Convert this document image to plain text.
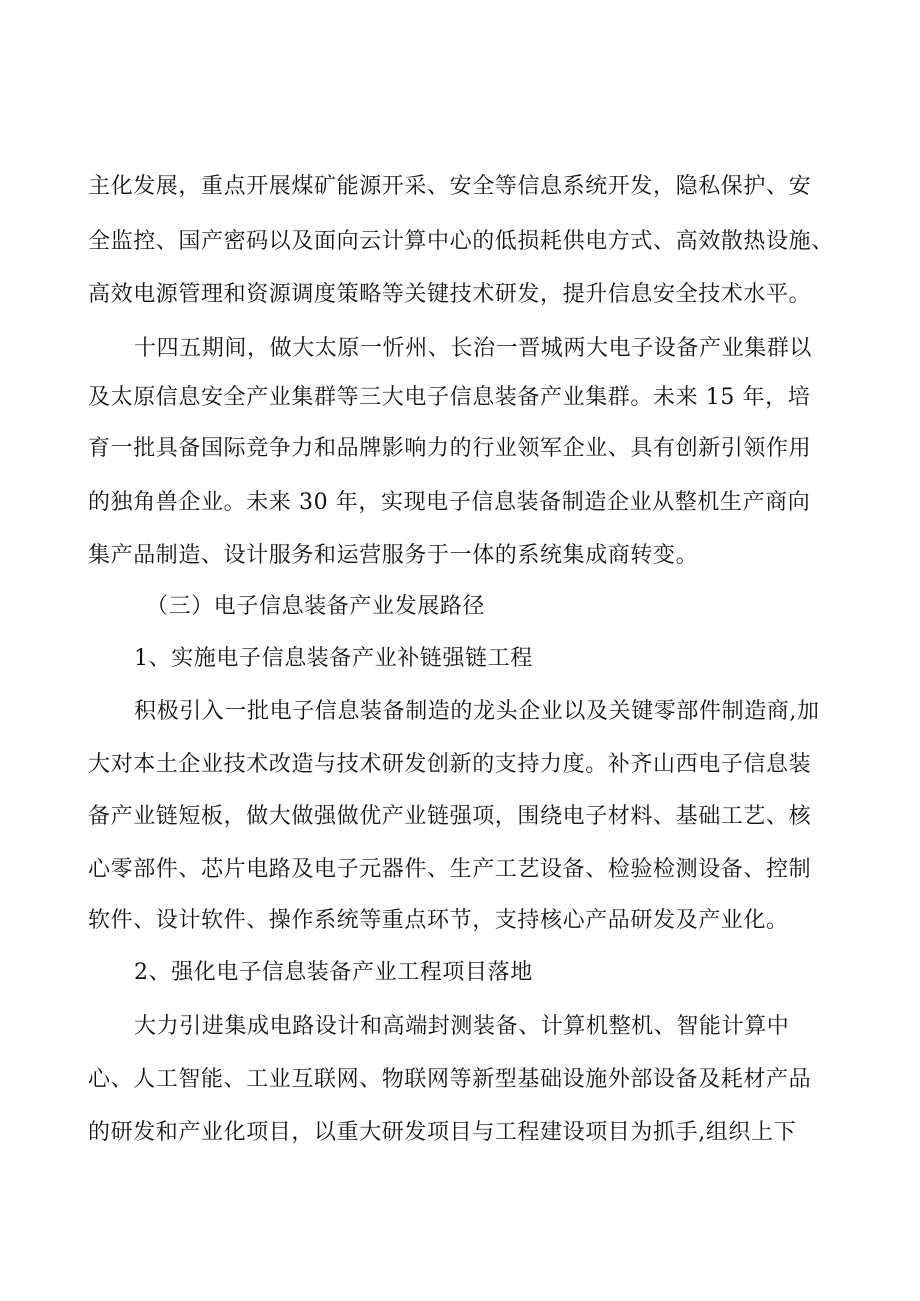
主化发展，重点开展煤矿能源开采、安全等信息系统开发，隐私保护、安
全监控、国产密码以及面向云计算中心的低损耗供电方式、高效散热设施、
高效电源管理和资源调度策略等关键技术研发，提升信息安全技术水平。
十四五期间，做大太原一忻州、长治一晋城两大电子设备产业集群以
及太原信息安全产业集群等三大电子信息装备产业集群。未来 15 年，培
育一批具备国际竞争力和品牌影响力的行业领军企业、具有创新引领作用
的独角兽企业。未来 30 年，实现电子信息装备制造企业从整机生产商向
集产品制造、设计服务和运营服务于一体的系统集成商转变。
（三）电子信息装备产业发展路径
1、实施电子信息装备产业补链强链工程
积极引入一批电子信息装备制造的龙头企业以及关键零部件制造商,加
大对本土企业技术改造与技术研发创新的支持力度。补齐山西电子信息装
备产业链短板，做大做强做优产业链强项，围绕电子材料、基础工艺、核
心零部件、芯片电路及电子元器件、生产工艺设备、检验检测设备、控制
软件、设计软件、操作系统等重点环节，支持核心产品研发及产业化。
2、强化电子信息装备产业工程项目落地
大力引进集成电路设计和高端封测装备、计算机整机、智能计算中
心、人工智能、工业互联网、物联网等新型基础设施外部设备及耗材产品
的研发和产业化项目，以重大研发项目与工程建设项目为抓手,组织上下
